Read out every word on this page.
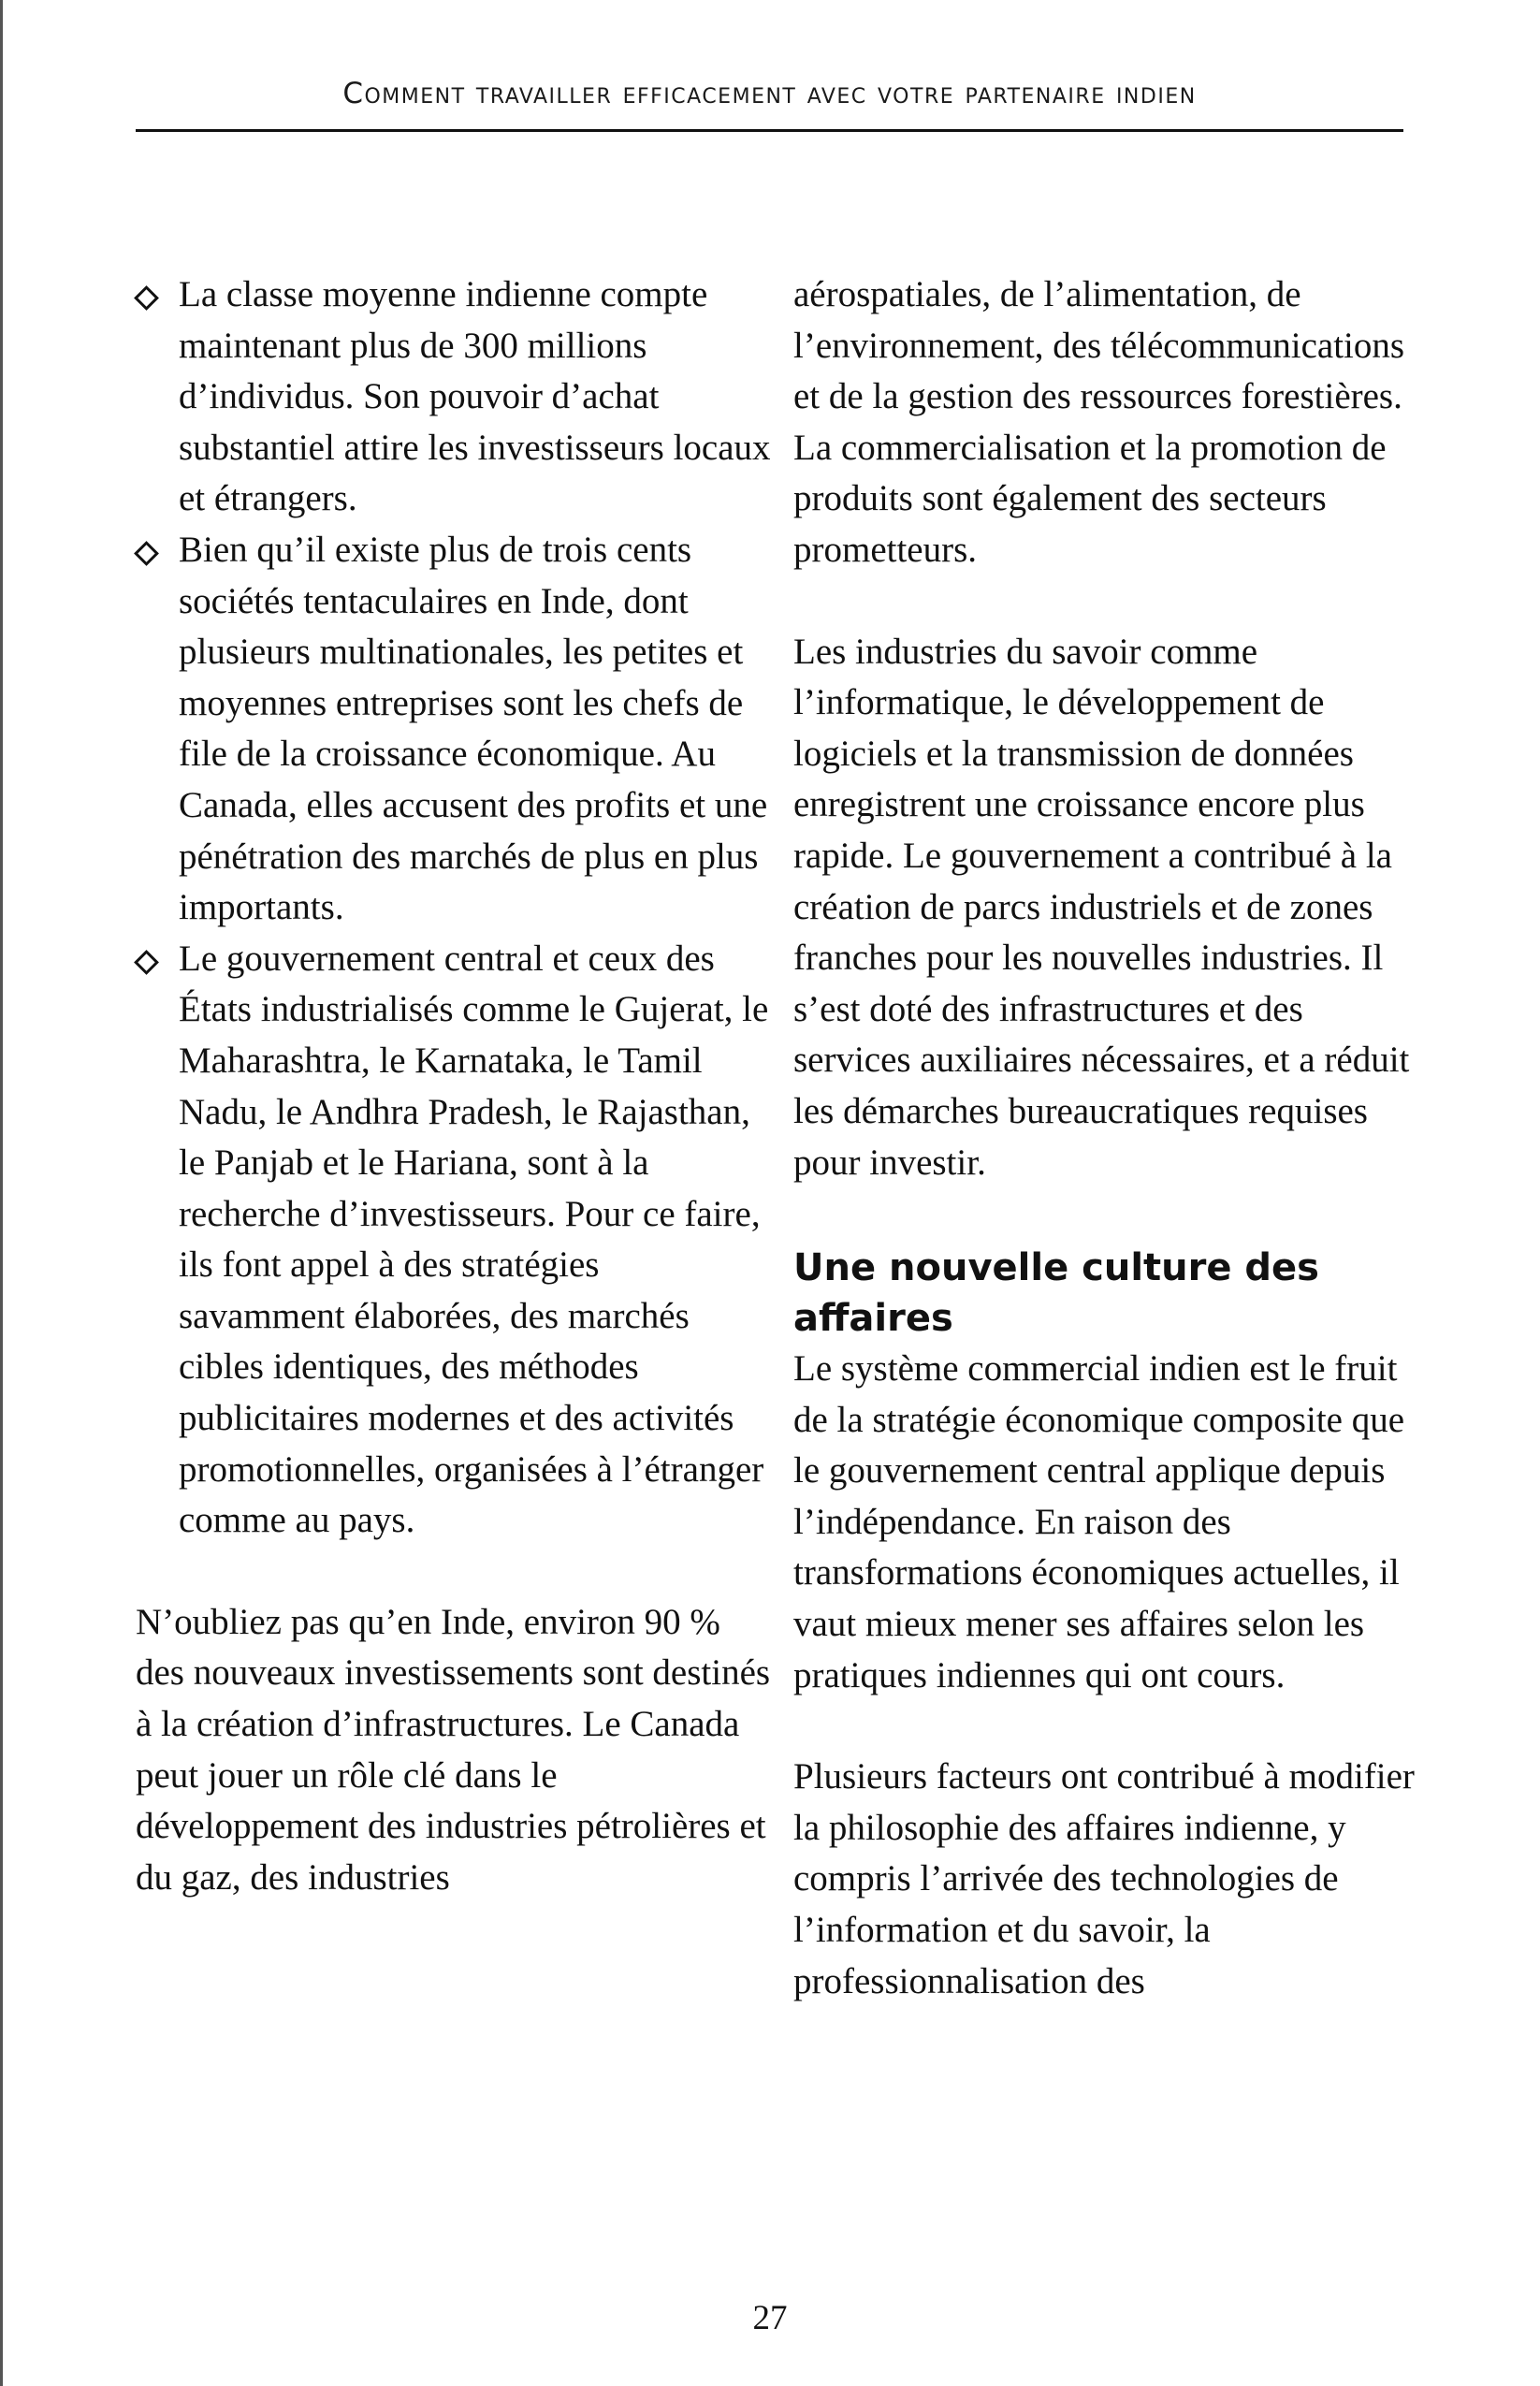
Comment travailler efficacement avec votre partenaire indien
La classe moyenne indienne compte maintenant plus de 300 millions d’individus. Son pouvoir d’achat substantiel attire les investisseurs locaux et étrangers.
Bien qu’il existe plus de trois cents sociétés tentaculaires en Inde, dont plusieurs multinationales, les petites et moyennes entreprises sont les chefs de file de la croissance économique. Au Canada, elles accusent des profits et une pénétration des marchés de plus en plus importants.
Le gouvernement central et ceux des États industrialisés comme le Gujerat, le Maharashtra, le Karnataka, le Tamil Nadu, le Andhra Pradesh, le Rajasthan, le Panjab et le Hariana, sont à la recherche d’investisseurs. Pour ce faire, ils font appel à des stratégies savamment élaborées, des marchés cibles identiques, des méthodes publicitaires modernes et des activités promotionnelles, organisées à l’étranger comme au pays.

N’oubliez pas qu’en Inde, environ 90 % des nouveaux investissements sont destinés à la création d’infrastructures. Le Canada peut jouer un rôle clé dans le développement des industries pétrolières et du gaz, des industries

aérospatiales, de l’alimentation, de l’environnement, des télécommunications et de la gestion des ressources forestières. La commercialisation et la promotion de produits sont également des secteurs prometteurs.

Les industries du savoir comme l’informatique, le développement de logiciels et la transmission de données enregistrent une croissance encore plus rapide. Le gouvernement a contribué à la création de parcs industriels et de zones franches pour les nouvelles industries. Il s’est doté des infrastructures et des services auxiliaires nécessaires, et a réduit les démarches bureaucratiques requises pour investir.

Une nouvelle culture des affaires

Le système commercial indien est le fruit de la stratégie économique composite que le gouvernement central applique depuis l’indépendance. En raison des transformations économiques actuelles, il vaut mieux mener ses affaires selon les pratiques indiennes qui ont cours.

Plusieurs facteurs ont contribué à modifier la philosophie des affaires indienne, y compris l’arrivée des technologies de l’information et du savoir, la professionnalisation des

27
